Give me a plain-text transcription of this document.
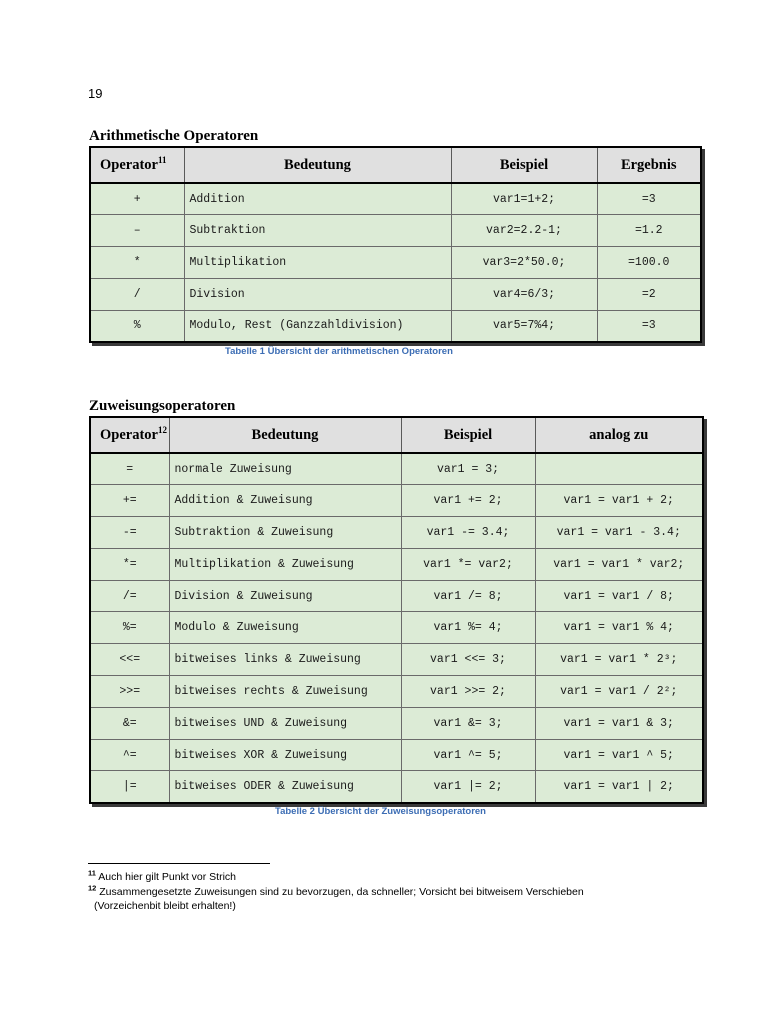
19
Arithmetische Operatoren
Operator$^{11}$	Bedeutung	Beispiel	Ergebnis
+	Addition	var1=1+2;	=3
–	Subtraktion	var2=2.2-1;	=1.2
*	Multiplikation	var3=2*50.0;	=100.0
/	Division	var4=6/3;	=2
%	Modulo, Rest (Ganzzahldivision)	var5=7%4;	=3
Tabelle 1 Übersicht der arithmetischen Operatoren
Zuweisungsoperatoren
Operator$^{12}$	Bedeutung	Beispiel	analog zu
=	normale Zuweisung	var1 = 3;	
+=	Addition & Zuweisung	var1 += 2;	var1 = var1 + 2;
-=	Subtraktion & Zuweisung	var1 -= 3.4;	var1 = var1 - 3.4;
*=	Multiplikation & Zuweisung	var1 *= var2;	var1 = var1 * var2;
/=	Division & Zuweisung	var1 /= 8;	var1 = var1 / 8;
%=	Modulo & Zuweisung	var1 %= 4;	var1 = var1 % 4;
<<=	bitweises links & Zuweisung	var1 <<= 3;	var1 = var1 * 2³;
>>=	bitweises rechts & Zuweisung	var1 >>= 2;	var1 = var1 / 2²;
&=	bitweises UND & Zuweisung	var1 &= 3;	var1 = var1 & 3;
^=	bitweises XOR & Zuweisung	var1 ^= 5;	var1 = var1 ^ 5;
|=	bitweises ODER & Zuweisung	var1 |= 2;	var1 = var1 | 2;
Tabelle 2 Übersicht der Zuweisungsoperatoren
$^{11}$ Auch hier gilt Punkt vor Strich
$^{12}$ Zusammengesetzte Zuweisungen sind zu bevorzugen, da schneller; Vorsicht bei bitweisem Verschieben
(Vorzeichenbit bleibt erhalten!)
